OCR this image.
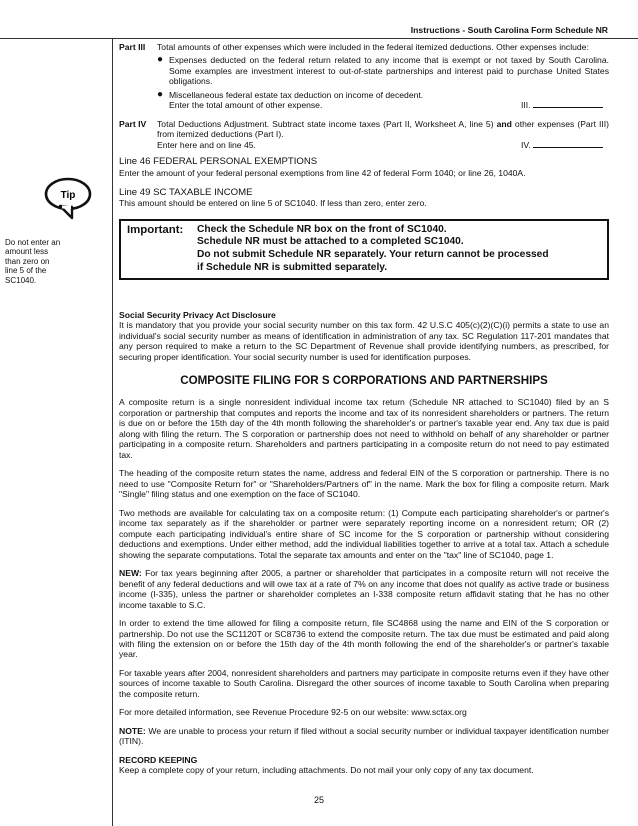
Instructions - South Carolina Form Schedule NR
Tip
Do not enter an amount less than zero on line 5 of the SC1040.
Part III	Total amounts of other expenses which were included in the federal itemized deductions. Other expenses include:
● Expenses deducted on the federal return related to any income that is exempt or not taxed by South Carolina. Some examples are investment interest to out-of-state partnerships and interest paid to purchase United States obligations.
● Miscellaneous federal estate tax deduction on income of decedent.
Enter the total amount of other expense.	III.
Part IV	Total Deductions Adjustment. Subtract state income taxes (Part II, Worksheet A, line 5) and other expenses (Part III) from itemized deductions (Part I).
Enter here and on line 45.	IV.
Line 46 FEDERAL PERSONAL EXEMPTIONS
Enter the amount of your federal personal exemptions from line 42 of federal Form 1040; or line 26, 1040A.
Line 49 SC TAXABLE INCOME
This amount should be entered on line 5 of SC1040. If less than zero, enter zero.
Important:	Check the Schedule NR box on the front of SC1040.
Schedule NR must be attached to a completed SC1040.
Do not submit Schedule NR separately. Your return cannot be processed
if Schedule NR is submitted separately.
Social Security Privacy Act Disclosure
It is mandatory that you provide your social security number on this tax form. 42 U.S.C 405(c)(2)(C)(i) permits a state to use an individual's social security number as means of identification in administration of any tax. SC Regulation 117-201 mandates that any person required to make a return to the SC Department of Revenue shall provide identifying numbers, as prescribed, for securing proper identification. Your social security number is used for identification purposes.
COMPOSITE FILING FOR S CORPORATIONS AND PARTNERSHIPS
A composite return is a single nonresident individual income tax return (Schedule NR attached to SC1040) filed by an S corporation or partnership that computes and reports the income and tax of its nonresident shareholders or partners. The return is due on or before the 15th day of the 4th month following the shareholder's or partner's taxable year end. Any tax due is paid along with filing the return. The S corporation or partnership does not need to withhold on behalf of any shareholder or partner participating in a composite return. Shareholders and partners participating in a composite return do not need to pay estimated tax.
The heading of the composite return states the name, address and federal EIN of the S corporation or partnership. There is no need to use "Composite Return for" or "Shareholders/Partners of" in the name. Mark the box for filing a composite return. Mark "Single" filing status and one exemption on the face of SC1040.
Two methods are available for calculating tax on a composite return: (1) Compute each participating shareholder's or partner's income tax separately as if the shareholder or partner were separately reporting income on a nonresident return; OR (2) compute each participating individual's entire share of SC income for the S corporation or partnership without considering deductions and exemptions. Under either method, add the individual liabilities together to arrive at a total tax. Attach a schedule showing the separate computations. Total the separate tax amounts and enter on the "tax" line of SC1040, page 1.
NEW: For tax years beginning after 2005, a partner or shareholder that participates in a composite return will not receive the benefit of any federal deductions and will owe tax at a rate of 7% on any income that does not qualify as active trade or business income (I-335), unless the partner or shareholder completes an I-338 composite return affidavit stating that he has no other income taxable to S.C.
In order to extend the time allowed for filing a composite return, file SC4868 using the name and EIN of the S corporation or partnership. Do not use the SC1120T or SC8736 to extend the composite return. The tax due must be estimated and paid along with filing the extension on or before the 15th day of the 4th month following the end of the shareholder's or partner's taxable year.
For taxable years after 2004, nonresident shareholders and partners may participate in composite returns even if they have other sources of income taxable to South Carolina. Disregard the other sources of income taxable to South Carolina when preparing the composite return.
For more detailed information, see Revenue Procedure 92-5 on our website: www.sctax.org
NOTE: We are unable to process your return if filed without a social security number or individual taxpayer identification number (ITIN).
RECORD KEEPING
Keep a complete copy of your return, including attachments. Do not mail your only copy of any tax document.
25
